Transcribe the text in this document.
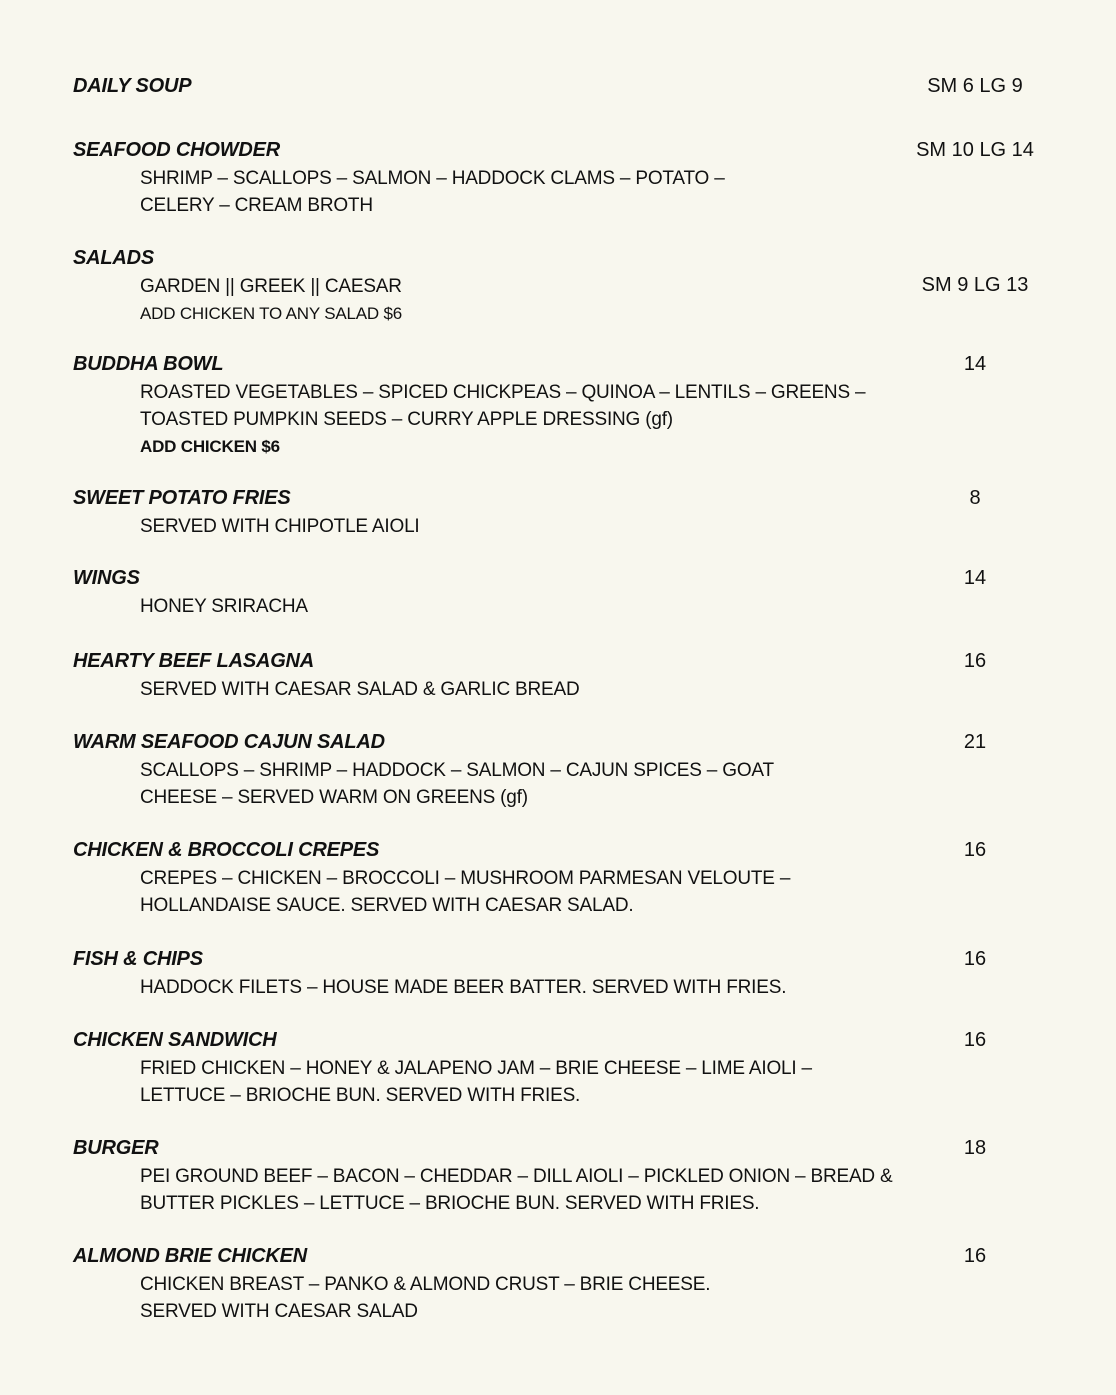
DAILY SOUP	SM 6 LG 9
SEAFOOD CHOWDER	SM 10 LG 14
SHRIMP – SCALLOPS – SALMON – HADDOCK CLAMS – POTATO –
CELERY – CREAM BROTH
SALADS
SM 9 LG 13
GARDEN || GREEK || CAESAR
ADD CHICKEN TO ANY SALAD $6
BUDDHA BOWL	14
ROASTED VEGETABLES – SPICED CHICKPEAS – QUINOA – LENTILS – GREENS –
TOASTED PUMPKIN SEEDS – CURRY APPLE DRESSING (gf)
ADD CHICKEN $6
SWEET POTATO FRIES	8
SERVED WITH CHIPOTLE AIOLI
WINGS	14
HONEY SRIRACHA
HEARTY BEEF LASAGNA	16
SERVED WITH CAESAR SALAD & GARLIC BREAD
WARM SEAFOOD CAJUN SALAD	21
SCALLOPS – SHRIMP – HADDOCK – SALMON – CAJUN SPICES – GOAT
CHEESE – SERVED WARM ON GREENS (gf)
CHICKEN & BROCCOLI CREPES	16
CREPES – CHICKEN – BROCCOLI – MUSHROOM PARMESAN VELOUTE –
HOLLANDAISE SAUCE. SERVED WITH CAESAR SALAD.
FISH & CHIPS	16
HADDOCK FILETS – HOUSE MADE BEER BATTER. SERVED WITH FRIES.
CHICKEN SANDWICH	16
FRIED CHICKEN – HONEY & JALAPENO JAM – BRIE CHEESE – LIME AIOLI –
LETTUCE – BRIOCHE BUN. SERVED WITH FRIES.
BURGER	18
PEI GROUND BEEF – BACON – CHEDDAR – DILL AIOLI – PICKLED ONION – BREAD &
BUTTER PICKLES – LETTUCE – BRIOCHE BUN. SERVED WITH FRIES.
ALMOND BRIE CHICKEN	16
CHICKEN BREAST – PANKO & ALMOND CRUST – BRIE CHEESE.
SERVED WITH CAESAR SALAD
